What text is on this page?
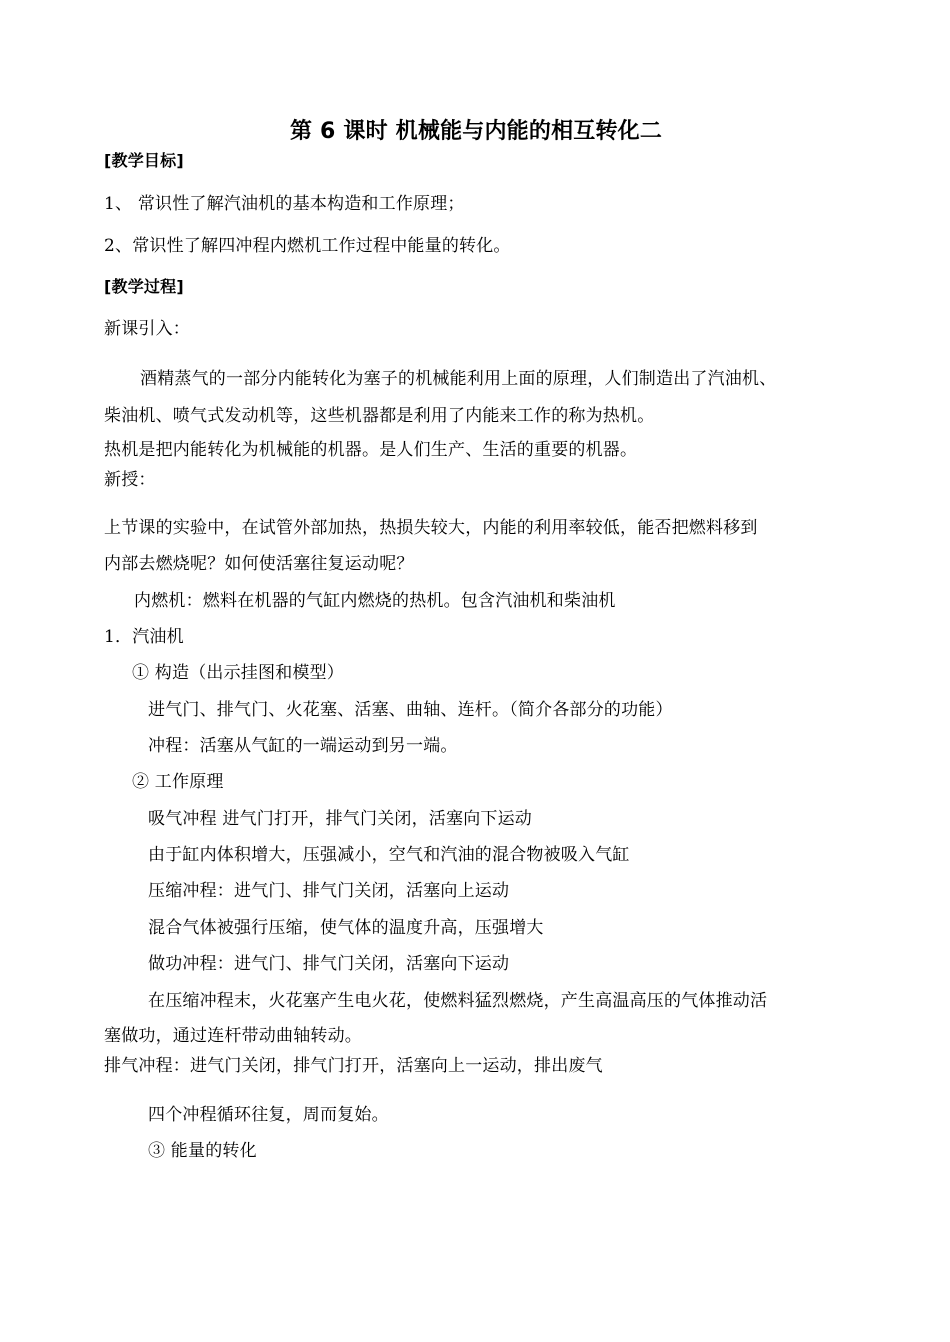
第 6 课时 机械能与内能的相互转化二
[教学目标]
1、 常识性了解汽油机的基本构造和工作原理；
2、常识性了解四冲程内燃机工作过程中能量的转化。
[教学过程]
新课引入：
酒精蒸气的一部分内能转化为塞子的机械能利用上面的原理，人们制造出了汽油机、
柴油机、喷气式发动机等，这些机器都是利用了内能来工作的称为热机。
热机是把内能转化为机械能的机器。是人们生产、生活的重要的机器。
新授：
上节课的实验中，在试管外部加热，热损失较大，内能的利用率较低，能否把燃料移到
内部去燃烧呢？如何使活塞往复运动呢？
内燃机：燃料在机器的气缸内燃烧的热机。包含汽油机和柴油机
1．汽油机
① 构造（出示挂图和模型）
进气门、排气门、火花塞、活塞、曲轴、连杆。（简介各部分的功能）
冲程：活塞从气缸的一端运动到另一端。
② 工作原理
吸气冲程 进气门打开，排气门关闭，活塞向下运动
由于缸内体积增大，压强减小，空气和汽油的混合物被吸入气缸
压缩冲程：进气门、排气门关闭，活塞向上运动
混合气体被强行压缩，使气体的温度升高，压强增大
做功冲程：进气门、排气门关闭，活塞向下运动
在压缩冲程末，火花塞产生电火花，使燃料猛烈燃烧，产生高温高压的气体推动活
塞做功，通过连杆带动曲轴转动。
排气冲程：进气门关闭，排气门打开，活塞向上一运动，排出废气
四个冲程循环往复，周而复始。
③ 能量的转化
